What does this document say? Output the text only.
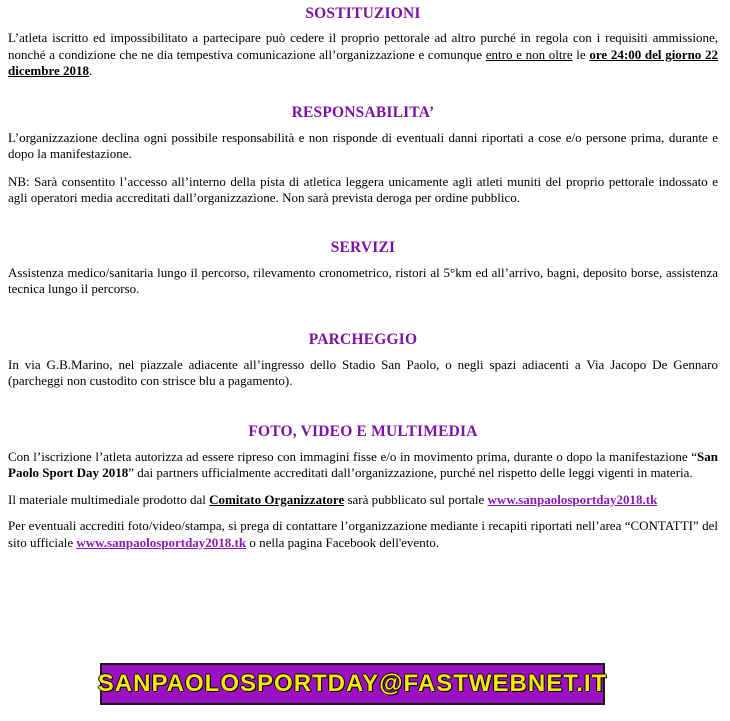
SOSTITUZIONI

L’atleta iscritto ed impossibilitato a partecipare può cedere il proprio pettorale ad altro purché in regola con i requisiti ammissione, nonché a condizione che ne dia tempestiva comunicazione all’organizzazione e comunque entro e non oltre le ore 24:00 del giorno 22 dicembre 2018.

RESPONSABILITA’

L’organizzazione declina ogni possibile responsabilità e non risponde di eventuali danni riportati a cose e/o persone prima, durante e dopo la manifestazione.

NB: Sarà consentito l’accesso all’interno della pista di atletica leggera unicamente agli atleti muniti del proprio pettorale indossato e agli operatori media accreditati dall’organizzazione. Non sarà prevista deroga per ordine pubblico.

SERVIZI

Assistenza medico/sanitaria lungo il percorso, rilevamento cronometrico, ristori al 5°km ed all’arrivo, bagni, deposito borse, assistenza tecnica lungo il percorso.

PARCHEGGIO

In via G.B.Marino, nel piazzale adiacente all’ingresso dello Stadio San Paolo, o negli spazi adiacenti a Via Jacopo De Gennaro (parcheggi non custodito con strisce blu a pagamento).

FOTO, VIDEO E MULTIMEDIA

Con l’iscrizione l’atleta autorizza ad essere ripreso con immagini fisse e/o in movimento prima, durante o dopo la manifestazione “San Paolo Sport Day 2018” dai partners ufficialmente accreditati dall’organizzazione, purché nel rispetto delle leggi vigenti in materia.

Il materiale multimediale prodotto dal Comitato Organizzatore sarà pubblicato sul portale www.sanpaolosportday2018.tk

Per eventuali accrediti foto/video/stampa, si prega di contattare l’organizzazione mediante i recapiti riportati nell’area “CONTATTI” del sito ufficiale www.sanpaolosportday2018.tk o nella pagina Facebook dell'evento.

SANPAOLOSPORTDAY@FASTWEBNET.IT
